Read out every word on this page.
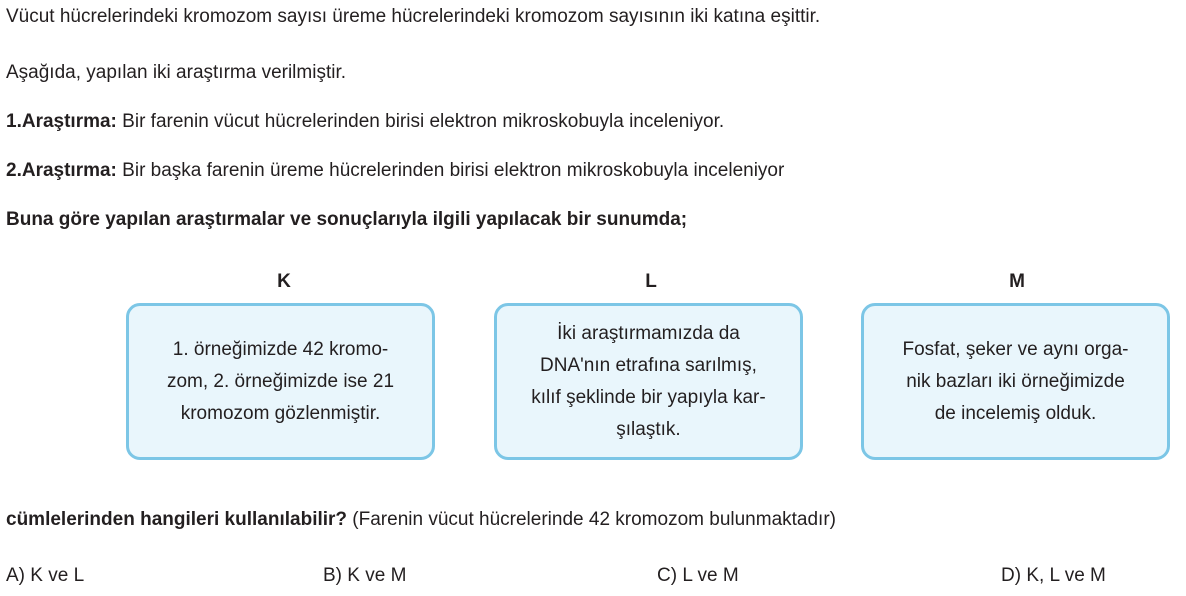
Vücut hücrelerindeki kromozom sayısı üreme hücrelerindeki kromozom sayısının iki katına eşittir.
Aşağıda, yapılan iki araştırma verilmiştir.
1.Araştırma: Bir farenin vücut hücrelerinden birisi elektron mikroskobuyla inceleniyor.
2.Araştırma: Bir başka farenin üreme hücrelerinden birisi elektron mikroskobuyla inceleniyor
Buna göre yapılan araştırmalar ve sonuçlarıyla ilgili yapılacak bir sunumda;
K	L	M
1. örneğimizde 42 kromo-
zom, 2. örneğimizde ise 21
kromozom gözlenmiştir.
İki araştırmamızda da
DNA'nın etrafına sarılmış,
kılıf şeklinde bir yapıyla kar-
şılaştık.
Fosfat, şeker ve aynı orga-
nik bazları iki örneğimizde
de incelemiş olduk.
cümlelerinden hangileri kullanılabilir? (Farenin vücut hücrelerinde 42 kromozom bulunmaktadır)
A) K ve L	B) K ve M	C) L ve M	D) K, L ve M
